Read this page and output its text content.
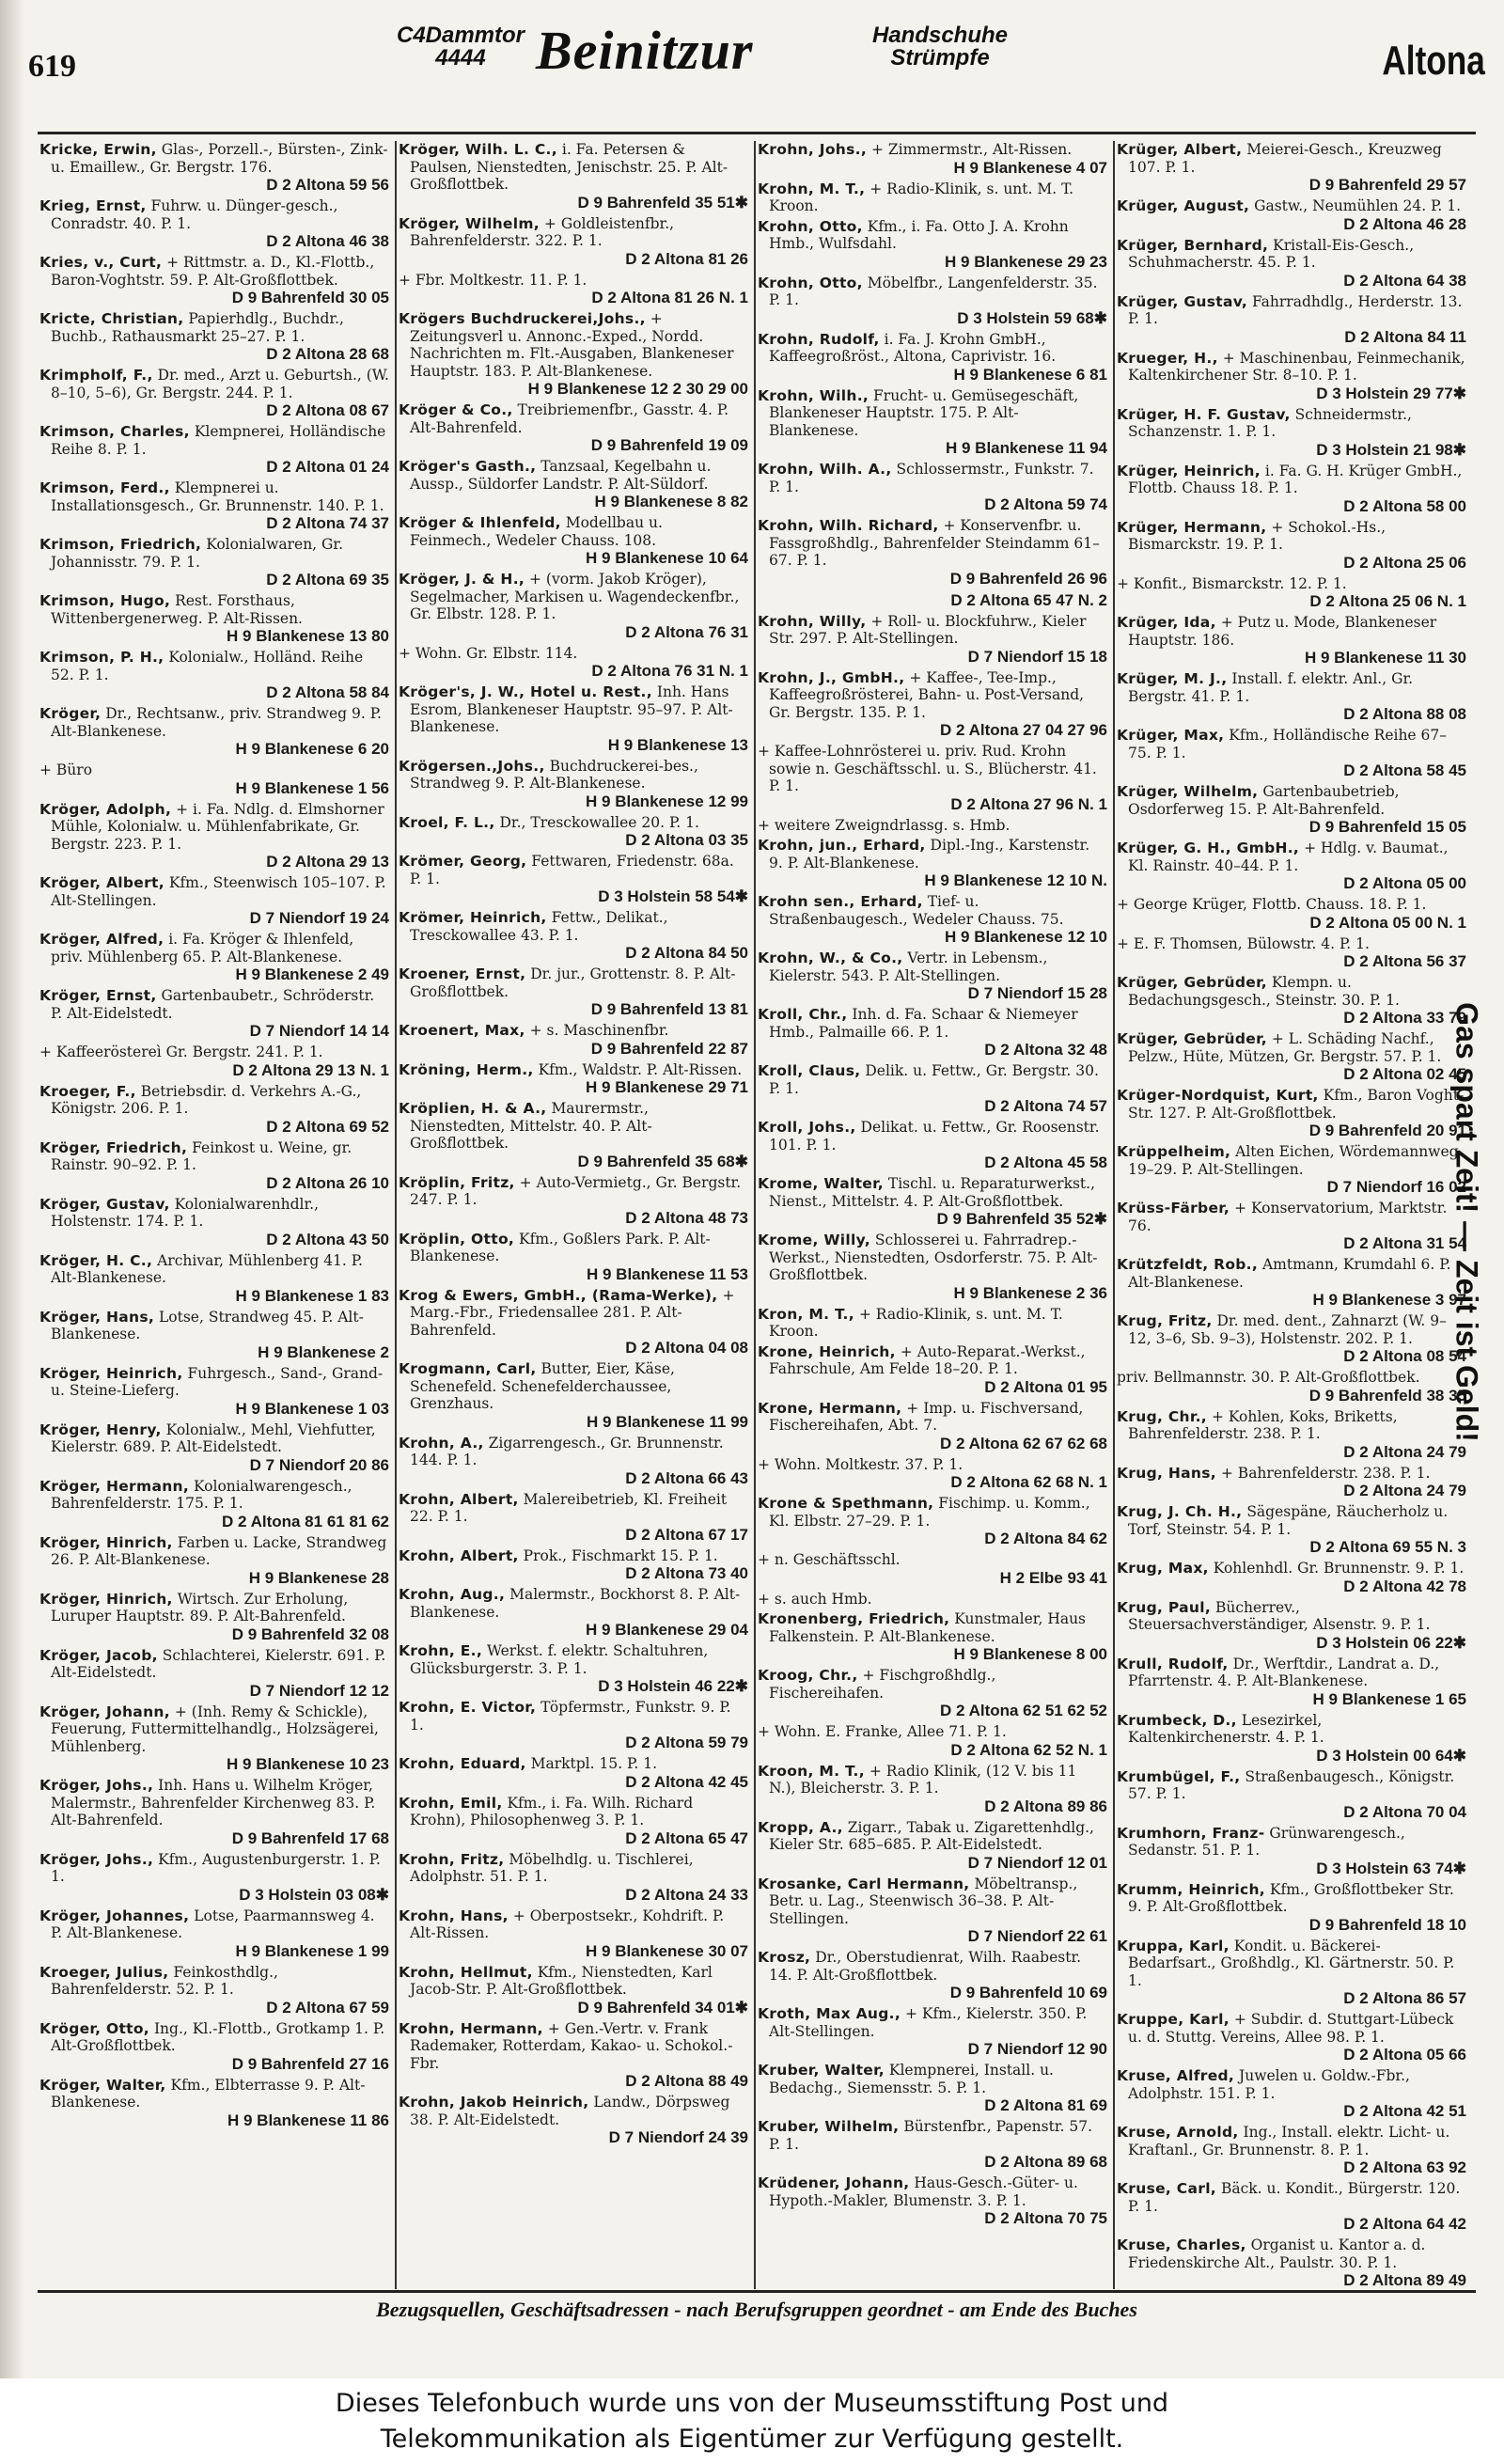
619
C4Dammtor
4444 Beinitzur	Handschuhe
Strümpfe	Altona
Kricke, Erwin, Glas-, Porzell.-, Bürsten-, Zink- u. Emaillew., Gr. Bergstr. 176.
D 2 Altona 59 56
Krieg, Ernst, Fuhrw. u. Dünger-gesch., Conradstr. 40. P. 1.
D 2 Altona 46 38
Kries, v., Curt, + Rittmstr. a. D., Kl.-Flottb., Baron-Voghtstr. 59. P. Alt-Großflottbek.
D 9 Bahrenfeld 30 05
Kricte, Christian, Papierhdlg., Buchdr., Buchb., Rathausmarkt 25–27. P. 1.
D 2 Altona 28 68
Krimpholf, F., Dr. med., Arzt u. Geburtsh., (W. 8–10, 5–6), Gr. Bergstr. 244. P. 1.
D 2 Altona 08 67
Krimson, Charles, Klempnerei, Holländische Reihe 8. P. 1.
D 2 Altona 01 24
Krimson, Ferd., Klempnerei u. Installationsgesch., Gr. Brunnenstr. 140. P. 1.
D 2 Altona 74 37
Krimson, Friedrich, Kolonialwaren, Gr. Johannisstr. 79. P. 1.
D 2 Altona 69 35
Krimson, Hugo, Rest. Forsthaus, Wittenbergenerweg. P. Alt-Rissen.
H 9 Blankenese 13 80
Krimson, P. H., Kolonialw., Holländ. Reihe 52. P. 1.
D 2 Altona 58 84
Kröger, Dr., Rechtsanw., priv. Strandweg 9. P. Alt-Blankenese.
H 9 Blankenese 6 20
+ Büro
H 9 Blankenese 1 56
Kröger, Adolph, + i. Fa. Ndlg. d. Elmshorner Mühle, Kolonialw. u. Mühlenfabrikate, Gr. Bergstr. 223. P. 1.
D 2 Altona 29 13
Kröger, Albert, Kfm., Steenwisch 105–107. P. Alt-Stellingen.
D 7 Niendorf 19 24
Kröger, Alfred, i. Fa. Kröger & Ihlenfeld, priv. Mühlenberg 65. P. Alt-Blankenese.
H 9 Blankenese 2 49
Kröger, Ernst, Gartenbaubetr., Schröderstr. P. Alt-Eidelstedt.
D 7 Niendorf 14 14
+ Kaffeeröstereì Gr. Bergstr. 241. P. 1.
D 2 Altona 29 13 N. 1
Kroeger, F., Betriebsdir. d. Verkehrs A.-G., Königstr. 206. P. 1.
D 2 Altona 69 52
Kröger, Friedrich, Feinkost u. Weine, gr. Rainstr. 90–92. P. 1.
D 2 Altona 26 10
Kröger, Gustav, Kolonialwarenhdlr., Holstenstr. 174. P. 1.
D 2 Altona 43 50
Kröger, H. C., Archivar, Mühlenberg 41. P. Alt-Blankenese.
H 9 Blankenese 1 83
Kröger, Hans, Lotse, Strandweg 45. P. Alt-Blankenese.
H 9 Blankenese 2
Kröger, Heinrich, Fuhrgesch., Sand-, Grand- u. Steine-Lieferg.
H 9 Blankenese 1 03
Kröger, Henry, Kolonialw., Mehl, Viehfutter, Kielerstr. 689. P. Alt-Eidelstedt.
D 7 Niendorf 20 86
Kröger, Hermann, Kolonialwarengesch., Bahrenfelderstr. 175. P. 1.
D 2 Altona 81 61 81 62
Kröger, Hinrich, Farben u. Lacke, Strandweg 26. P. Alt-Blankenese.
H 9 Blankenese 28
Kröger, Hinrich, Wirtsch. Zur Erholung, Luruper Hauptstr. 89. P. Alt-Bahrenfeld.
D 9 Bahrenfeld 32 08
Kröger, Jacob, Schlachterei, Kielerstr. 691. P. Alt-Eidelstedt.
D 7 Niendorf 12 12
Kröger, Johann, + (Inh. Remy & Schickle), Feuerung, Futtermittelhandlg., Holzsägerei, Mühlenberg.
H 9 Blankenese 10 23
Kröger, Johs., Inh. Hans u. Wilhelm Kröger, Malermstr., Bahrenfelder Kirchenweg 83. P. Alt-Bahrenfeld.
D 9 Bahrenfeld 17 68
Kröger, Johs., Kfm., Augustenburgerstr. 1. P. 1.
D 3 Holstein 03 08✱
Kröger, Johannes, Lotse, Paarmannsweg 4. P. Alt-Blankenese.
H 9 Blankenese 1 99
Kroeger, Julius, Feinkosthdlg., Bahrenfelderstr. 52. P. 1.
D 2 Altona 67 59
Kröger, Otto, Ing., Kl.-Flottb., Grotkamp 1. P. Alt-Großflottbek.
D 9 Bahrenfeld 27 16
Kröger, Walter, Kfm., Elbterrasse 9. P. Alt-Blankenese.
H 9 Blankenese 11 86
Kröger, Wilh. L. C., i. Fa. Petersen & Paulsen, Nienstedten, Jenischstr. 25. P. Alt-Großflottbek.
D 9 Bahrenfeld 35 51✱
Kröger, Wilhelm, + Goldleistenfbr., Bahrenfelderstr. 322. P. 1.
D 2 Altona 81 26
+ Fbr. Moltkestr. 11. P. 1.
D 2 Altona 81 26 N. 1
Krögers Buchdruckerei,Johs., + Zeitungsverl u. Annonc.-Exped., Nordd. Nachrichten m. Flt.-Ausgaben, Blankeneser Hauptstr. 183. P. Alt-Blankenese.
H 9 Blankenese 12 2 30 29 00
Kröger & Co., Treibriemenfbr., Gasstr. 4. P. Alt-Bahrenfeld.
D 9 Bahrenfeld 19 09
Kröger's Gasth., Tanzsaal, Kegelbahn u. Aussp., Süldorfer Landstr. P. Alt-Süldorf.
H 9 Blankenese 8 82
Kröger & Ihlenfeld, Modellbau u. Feinmech., Wedeler Chauss. 108.
H 9 Blankenese 10 64
Kröger, J. & H., + (vorm. Jakob Kröger), Segelmacher, Markisen u. Wagendeckenfbr., Gr. Elbstr. 128. P. 1.
D 2 Altona 76 31
+ Wohn. Gr. Elbstr. 114.
D 2 Altona 76 31 N. 1
Kröger's, J. W., Hotel u. Rest., Inh. Hans Esrom, Blankeneser Hauptstr. 95–97. P. Alt-Blankenese.
H 9 Blankenese 13
Krögersen.,Johs., Buchdruckerei-bes., Strandweg 9. P. Alt-Blankenese.
H 9 Blankenese 12 99
Kroel, F. L., Dr., Tresckowallee 20. P. 1.
D 2 Altona 03 35
Krömer, Georg, Fettwaren, Friedenstr. 68a. P. 1.
D 3 Holstein 58 54✱
Krömer, Heinrich, Fettw., Delikat., Tresckowallee 43. P. 1.
D 2 Altona 84 50
Kroener, Ernst, Dr. jur., Grottenstr. 8. P. Alt-Großflottbek.
D 9 Bahrenfeld 13 81
Kroenert, Max, + s. Maschinenfbr.
D 9 Bahrenfeld 22 87
Kröning, Herm., Kfm., Waldstr. P. Alt-Rissen.
H 9 Blankenese 29 71
Kröplien, H. & A., Maurermstr., Nienstedten, Mittelstr. 40. P. Alt-Großflottbek.
D 9 Bahrenfeld 35 68✱
Kröplin, Fritz, + Auto-Vermietg., Gr. Bergstr. 247. P. 1.
D 2 Altona 48 73
Kröplin, Otto, Kfm., Goßlers Park. P. Alt-Blankenese.
H 9 Blankenese 11 53
Krog & Ewers, GmbH., (Rama-Werke), + Marg.-Fbr., Friedensallee 281. P. Alt-Bahrenfeld.
D 2 Altona 04 08
Krogmann, Carl, Butter, Eier, Käse, Schenefeld. Schenefelderchaussee, Grenzhaus.
H 9 Blankenese 11 99
Krohn, A., Zigarrengesch., Gr. Brunnenstr. 144. P. 1.
D 2 Altona 66 43
Krohn, Albert, Malereibetrieb, Kl. Freiheit 22. P. 1.
D 2 Altona 67 17
Krohn, Albert, Prok., Fischmarkt 15. P. 1.
D 2 Altona 73 40
Krohn, Aug., Malermstr., Bockhorst 8. P. Alt-Blankenese.
H 9 Blankenese 29 04
Krohn, E., Werkst. f. elektr. Schaltuhren, Glücksburgerstr. 3. P. 1.
D 3 Holstein 46 22✱
Krohn, E. Victor, Töpfermstr., Funkstr. 9. P. 1.
D 2 Altona 59 79
Krohn, Eduard, Marktpl. 15. P. 1.
D 2 Altona 42 45
Krohn, Emil, Kfm., i. Fa. Wilh. Richard Krohn), Philosophenweg 3. P. 1.
D 2 Altona 65 47
Krohn, Fritz, Möbelhdlg. u. Tischlerei, Adolphstr. 51. P. 1.
D 2 Altona 24 33
Krohn, Hans, + Oberpostsekr., Kohdrift. P. Alt-Rissen.
H 9 Blankenese 30 07
Krohn, Hellmut, Kfm., Nienstedten, Karl Jacob-Str. P. Alt-Großflottbek.
D 9 Bahrenfeld 34 01✱
Krohn, Hermann, + Gen.-Vertr. v. Frank Rademaker, Rotterdam, Kakao- u. Schokol.-Fbr.
D 2 Altona 88 49
Krohn, Jakob Heinrich, Landw., Dörpsweg 38. P. Alt-Eidelstedt.
D 7 Niendorf 24 39
Krohn, Johs., + Zimmermstr., Alt-Rissen.
H 9 Blankenese 4 07
Krohn, M. T., + Radio-Klinik, s. unt. M. T. Kroon.
Krohn, Otto, Kfm., i. Fa. Otto J. A. Krohn Hmb., Wulfsdahl.
H 9 Blankenese 29 23
Krohn, Otto, Möbelfbr., Langenfelderstr. 35. P. 1.
D 3 Holstein 59 68✱
Krohn, Rudolf, i. Fa. J. Krohn GmbH., Kaffeegroßröst., Altona, Caprivistr. 16.
H 9 Blankenese 6 81
Krohn, Wilh., Frucht- u. Gemüsegeschäft, Blankeneser Hauptstr. 175. P. Alt-Blankenese.
H 9 Blankenese 11 94
Krohn, Wilh. A., Schlossermstr., Funkstr. 7. P. 1.
D 2 Altona 59 74
Krohn, Wilh. Richard, + Konservenfbr. u. Fassgroßhdlg., Bahrenfelder Steindamm 61–67. P. 1.
D 9 Bahrenfeld 26 96
D 2 Altona 65 47 N. 2
Krohn, Willy, + Roll- u. Blockfuhrw., Kieler Str. 297. P. Alt-Stellingen.
D 7 Niendorf 15 18
Krohn, J., GmbH., + Kaffee-, Tee-Imp., Kaffeegroßrösterei, Bahn- u. Post-Versand, Gr. Bergstr. 135. P. 1.
D 2 Altona 27 04 27 96
+ Kaffee-Lohnrösterei u. priv. Rud. Krohn sowie n. Geschäftsschl. u. S., Blücherstr. 41. P. 1.
D 2 Altona 27 96 N. 1
+ weitere Zweigndrlassg. s. Hmb.
Krohn, jun., Erhard, Dipl.-Ing., Karstenstr. 9. P. Alt-Blankenese.
H 9 Blankenese 12 10 N.
Krohn sen., Erhard, Tief- u. Straßenbaugesch., Wedeler Chauss. 75.
H 9 Blankenese 12 10
Krohn, W., & Co., Vertr. in Lebensm., Kielerstr. 543. P. Alt-Stellingen.
D 7 Niendorf 15 28
Kroll, Chr., Inh. d. Fa. Schaar & Niemeyer Hmb., Palmaille 66. P. 1.
D 2 Altona 32 48
Kroll, Claus, Delik. u. Fettw., Gr. Bergstr. 30. P. 1.
D 2 Altona 74 57
Kroll, Johs., Delikat. u. Fettw., Gr. Roosenstr. 101. P. 1.
D 2 Altona 45 58
Krome, Walter, Tischl. u. Reparaturwerkst., Nienst., Mittelstr. 4. P. Alt-Großflottbek.
D 9 Bahrenfeld 35 52✱
Krome, Willy, Schlosserei u. Fahrradrep.-Werkst., Nienstedten, Osdorferstr. 75. P. Alt-Großflottbek.
H 9 Blankenese 2 36
Kron, M. T., + Radio-Klinik, s. unt. M. T. Kroon.
Krone, Heinrich, + Auto-Reparat.-Werkst., Fahrschule, Am Felde 18–20. P. 1.
D 2 Altona 01 95
Krone, Hermann, + Imp. u. Fischversand, Fischereihafen, Abt. 7.
D 2 Altona 62 67 62 68
+ Wohn. Moltkestr. 37. P. 1.
D 2 Altona 62 68 N. 1
Krone & Spethmann, Fischimp. u. Komm., Kl. Elbstr. 27–29. P. 1.
D 2 Altona 84 62
+ n. Geschäftsschl.
H 2 Elbe 93 41
+ s. auch Hmb.
Kronenberg, Friedrich, Kunstmaler, Haus Falkenstein. P. Alt-Blankenese.
H 9 Blankenese 8 00
Kroog, Chr., + Fischgroßhdlg., Fischereihafen.
D 2 Altona 62 51 62 52
+ Wohn. E. Franke, Allee 71. P. 1.
D 2 Altona 62 52 N. 1
Kroon, M. T., + Radio Klinik, (12 V. bis 11 N.), Bleicherstr. 3. P. 1.
D 2 Altona 89 86
Kropp, A., Zigarr., Tabak u. Zigarettenhdlg., Kieler Str. 685–685. P. Alt-Eidelstedt.
D 7 Niendorf 12 01
Krosanke, Carl Hermann, Möbeltransp., Betr. u. Lag., Steenwisch 36–38. P. Alt-Stellingen.
D 7 Niendorf 22 61
Krosz, Dr., Oberstudienrat, Wilh. Raabestr. 14. P. Alt-Großflottbek.
D 9 Bahrenfeld 10 69
Kroth, Max Aug., + Kfm., Kielerstr. 350. P. Alt-Stellingen.
D 7 Niendorf 12 90
Kruber, Walter, Klempnerei, Install. u. Bedachg., Siemensstr. 5. P. 1.
D 2 Altona 81 69
Kruber, Wilhelm, Bürstenfbr., Papenstr. 57. P. 1.
D 2 Altona 89 68
Krüdener, Johann, Haus-Gesch.-Güter- u. Hypoth.-Makler, Blumenstr. 3. P. 1.
D 2 Altona 70 75
Krüger, Albert, Meierei-Gesch., Kreuzweg 107. P. 1.
D 9 Bahrenfeld 29 57
Krüger, August, Gastw., Neumühlen 24. P. 1.
D 2 Altona 46 28
Krüger, Bernhard, Kristall-Eis-Gesch., Schuhmacherstr. 45. P. 1.
D 2 Altona 64 38
Krüger, Gustav, Fahrradhdlg., Herderstr. 13. P. 1.
D 2 Altona 84 11
Krueger, H., + Maschinenbau, Feinmechanik, Kaltenkirchener Str. 8–10. P. 1.
D 3 Holstein 29 77✱
Krüger, H. F. Gustav, Schneidermstr., Schanzenstr. 1. P. 1.
D 3 Holstein 21 98✱
Krüger, Heinrich, i. Fa. G. H. Krüger GmbH., Flottb. Chauss 18. P. 1.
D 2 Altona 58 00
Krüger, Hermann, + Schokol.-Hs., Bismarckstr. 19. P. 1.
D 2 Altona 25 06
+ Konfit., Bismarckstr. 12. P. 1.
D 2 Altona 25 06 N. 1
Krüger, Ida, + Putz u. Mode, Blankeneser Hauptstr. 186.
H 9 Blankenese 11 30
Krüger, M. J., Install. f. elektr. Anl., Gr. Bergstr. 41. P. 1.
D 2 Altona 88 08
Krüger, Max, Kfm., Holländische Reihe 67–75. P. 1.
D 2 Altona 58 45
Krüger, Wilhelm, Gartenbaubetrieb, Osdorferweg 15. P. Alt-Bahrenfeld.
D 9 Bahrenfeld 15 05
Krüger, G. H., GmbH., + Hdlg. v. Baumat., Kl. Rainstr. 40–44. P. 1.
D 2 Altona 05 00
+ George Krüger, Flottb. Chauss. 18. P. 1.
D 2 Altona 05 00 N. 1
+ E. F. Thomsen, Bülowstr. 4. P. 1.
D 2 Altona 56 37
Krüger, Gebrüder, Klempn. u. Bedachungsgesch., Steinstr. 30. P. 1.
D 2 Altona 33 79
Krüger, Gebrüder, + L. Schäding Nachf., Pelzw., Hüte, Mützen, Gr. Bergstr. 57. P. 1.
D 2 Altona 02 45
Krüger-Nordquist, Kurt, Kfm., Baron Voght-Str. 127. P. Alt-Großflottbek.
D 9 Bahrenfeld 20 91
Krüppelheim, Alten Eichen, Wördemannweg 19–29. P. Alt-Stellingen.
D 7 Niendorf 16 02
Krüss-Färber, + Konservatorium, Marktstr. 76.
D 2 Altona 31 54
Krützfeldt, Rob., Amtmann, Krumdahl 6. P. Alt-Blankenese.
H 9 Blankenese 3 97
Krug, Fritz, Dr. med. dent., Zahnarzt (W. 9–12, 3–6, Sb. 9–3), Holstenstr. 202. P. 1.
D 2 Altona 08 54
priv. Bellmannstr. 30. P. Alt-Großflottbek.
D 9 Bahrenfeld 38 35
Krug, Chr., + Kohlen, Koks, Briketts, Bahrenfelderstr. 238. P. 1.
D 2 Altona 24 79
Krug, Hans, + Bahrenfelderstr. 238. P. 1.
D 2 Altona 24 79
Krug, J. Ch. H., Sägespäne, Räucherholz u. Torf, Steinstr. 54. P. 1.
D 2 Altona 69 55 N. 3
Krug, Max, Kohlenhdl. Gr. Brunnenstr. 9. P. 1.
D 2 Altona 42 78
Krug, Paul, Bücherrev., Steuersachverständiger, Alsenstr. 9. P. 1.
D 3 Holstein 06 22✱
Krull, Rudolf, Dr., Werftdir., Landrat a. D., Pfarrtenstr. 4. P. Alt-Blankenese.
H 9 Blankenese 1 65
Krumbeck, D., Lesezirkel, Kaltenkirchenerstr. 4. P. 1.
D 3 Holstein 00 64✱
Krumbügel, F., Straßenbaugesch., Königstr. 57. P. 1.
D 2 Altona 70 04
Krumhorn, Franz- Grünwarengesch., Sedanstr. 51. P. 1.
D 3 Holstein 63 74✱
Krumm, Heinrich, Kfm., Großflottbeker Str. 9. P. Alt-Großflottbek.
D 9 Bahrenfeld 18 10
Kruppa, Karl, Kondit. u. Bäckerei-Bedarfsart., Großhdlg., Kl. Gärtnerstr. 50. P. 1.
D 2 Altona 86 57
Kruppe, Karl, + Subdir. d. Stuttgart-Lübeck u. d. Stuttg. Vereins, Allee 98. P. 1.
D 2 Altona 05 66
Kruse, Alfred, Juwelen u. Goldw.-Fbr., Adolphstr. 151. P. 1.
D 2 Altona 42 51
Kruse, Arnold, Ing., Install. elektr. Licht- u. Kraftanl., Gr. Brunnenstr. 8. P. 1.
D 2 Altona 63 92
Kruse, Carl, Bäck. u. Kondit., Bürgerstr. 120. P. 1.
D 2 Altona 64 42
Kruse, Charles, Organist u. Kantor a. d. Friedenskirche Alt., Paulstr. 30. P. 1.
D 2 Altona 89 49
Gas spart Zeit! — Zeit ist Geld!
Bezugsquellen, Geschäftsadressen - nach Berufsgruppen geordnet - am Ende des Buches
Dieses Telefonbuch wurde uns von der Museumsstiftung Post und
Telekommunikation als Eigentümer zur Verfügung gestellt.
